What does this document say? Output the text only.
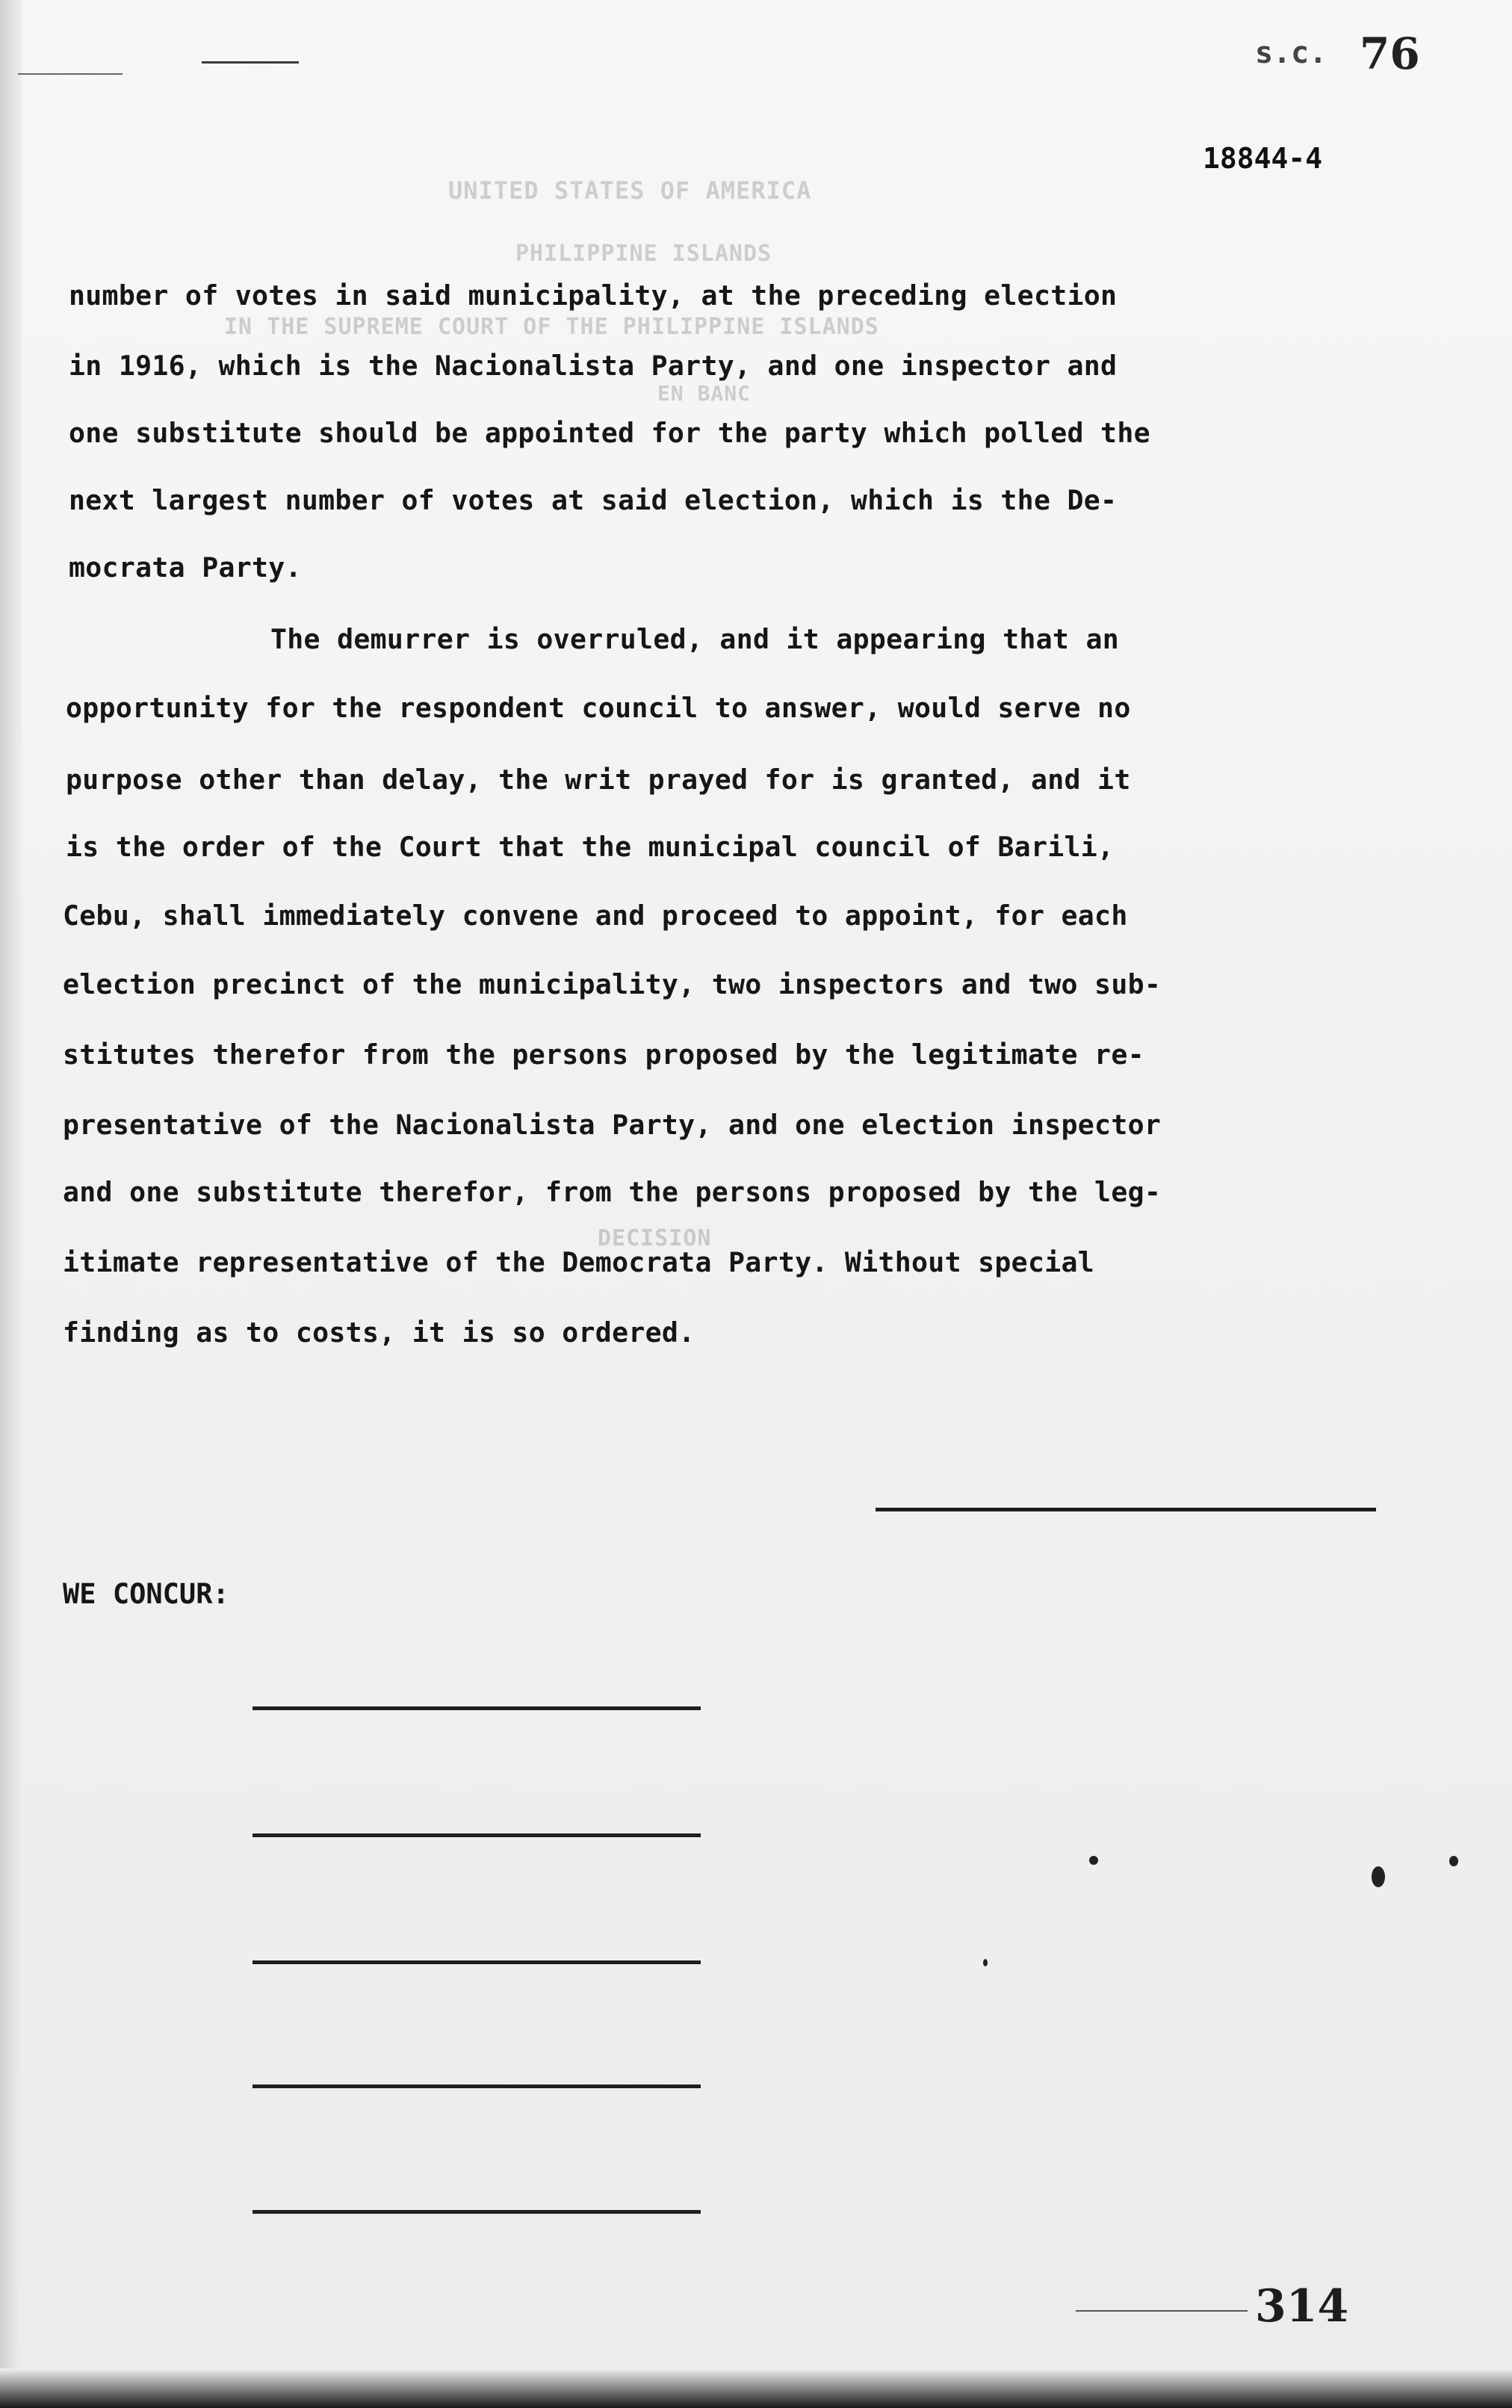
UNITED STATES OF AMERICA
PHILIPPINE ISLANDS
IN THE SUPREME COURT OF THE PHILIPPINE ISLANDS
EN BANC
DECISION
s.c. 76
18844-4
number of votes in said municipality, at the preceding election
in 1916, which is the Nacionalista Party, and one inspector and
one substitute should be appointed for the party which polled the
next largest number of votes at said election, which is the De-
mocrata Party.
The demurrer is overruled, and it appearing that an
opportunity for the respondent council to answer, would serve no
purpose other than delay, the writ prayed for is granted, and it
is the order of the Court that the municipal council of Barili,
Cebu, shall immediately convene and proceed to appoint, for each
election precinct of the municipality, two inspectors and two sub-
stitutes therefor from the persons proposed by the legitimate re-
presentative of the Nacionalista Party, and one election inspector
and one substitute therefor, from the persons proposed by the leg-
itimate representative of the Democrata Party. Without special
finding as to costs, it is so ordered.
WE CONCUR:
314
